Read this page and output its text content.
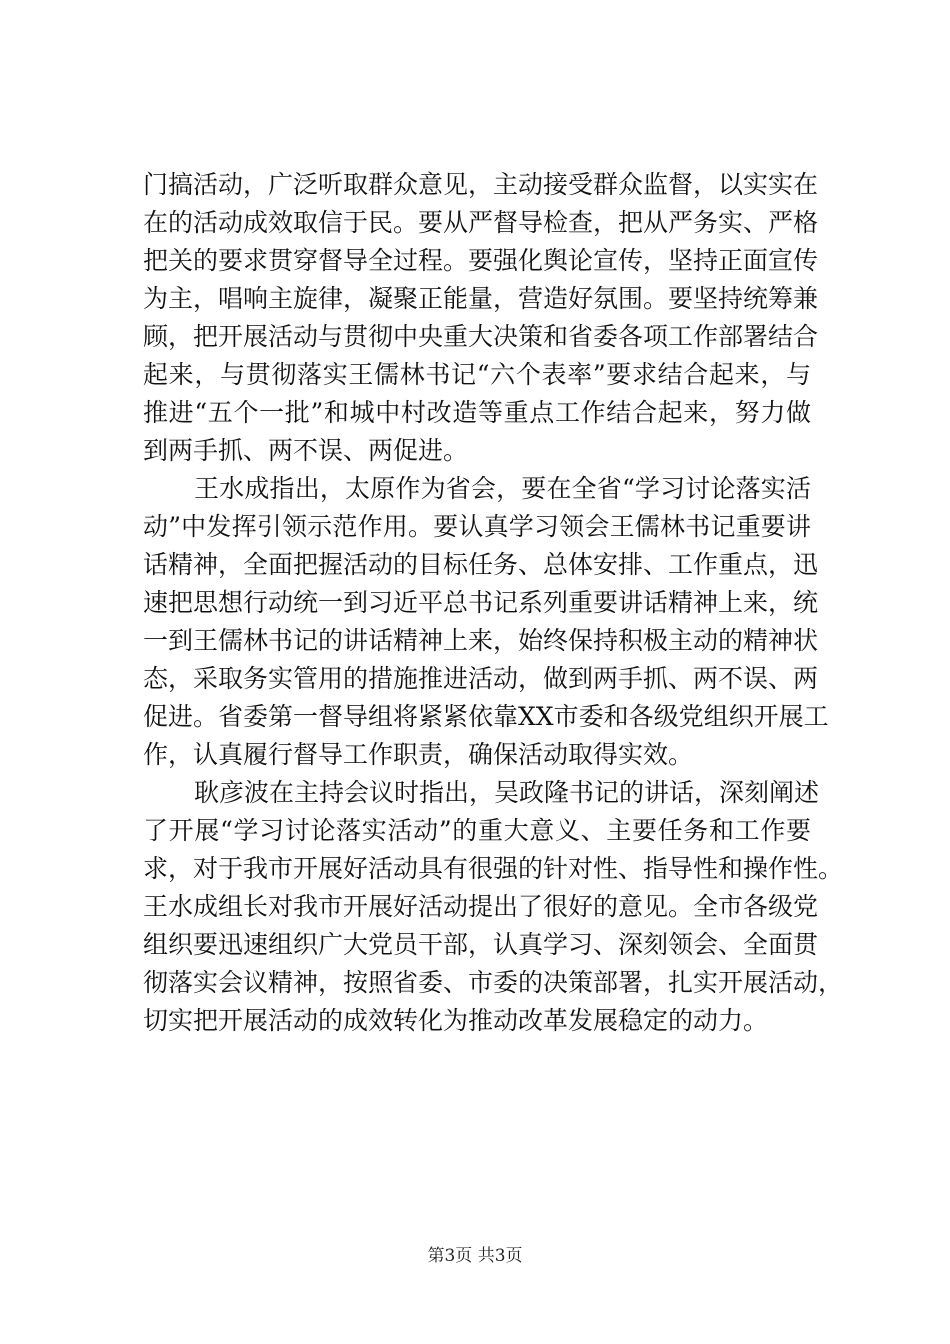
门搞活动，广泛听取群众意见，主动接受群众监督，以实实在
在的活动成效取信于民。要从严督导检查，把从严务实、严格
把关的要求贯穿督导全过程。要强化舆论宣传，坚持正面宣传
为主，唱响主旋律，凝聚正能量，营造好氛围。要坚持统筹兼
顾，把开展活动与贯彻中央重大决策和省委各项工作部署结合
起来，与贯彻落实王儒林书记“六个表率”要求结合起来，与
推进“五个一批”和城中村改造等重点工作结合起来，努力做
到两手抓、两不误、两促进。
王水成指出，太原作为省会，要在全省“学习讨论落实活
动”中发挥引领示范作用。要认真学习领会王儒林书记重要讲
话精神，全面把握活动的目标任务、总体安排、工作重点，迅
速把思想行动统一到习近平总书记系列重要讲话精神上来，统
一到王儒林书记的讲话精神上来，始终保持积极主动的精神状
态，采取务实管用的措施推进活动，做到两手抓、两不误、两
促进。省委第一督导组将紧紧依靠XX市委和各级党组织开展工
作，认真履行督导工作职责，确保活动取得实效。
耿彦波在主持会议时指出，吴政隆书记的讲话，深刻阐述
了开展“学习讨论落实活动”的重大意义、主要任务和工作要
求，对于我市开展好活动具有很强的针对性、指导性和操作性。
王水成组长对我市开展好活动提出了很好的意见。全市各级党
组织要迅速组织广大党员干部，认真学习、深刻领会、全面贯
彻落实会议精神，按照省委、市委的决策部署，扎实开展活动，
切实把开展活动的成效转化为推动改革发展稳定的动力。
第3页 共3页
